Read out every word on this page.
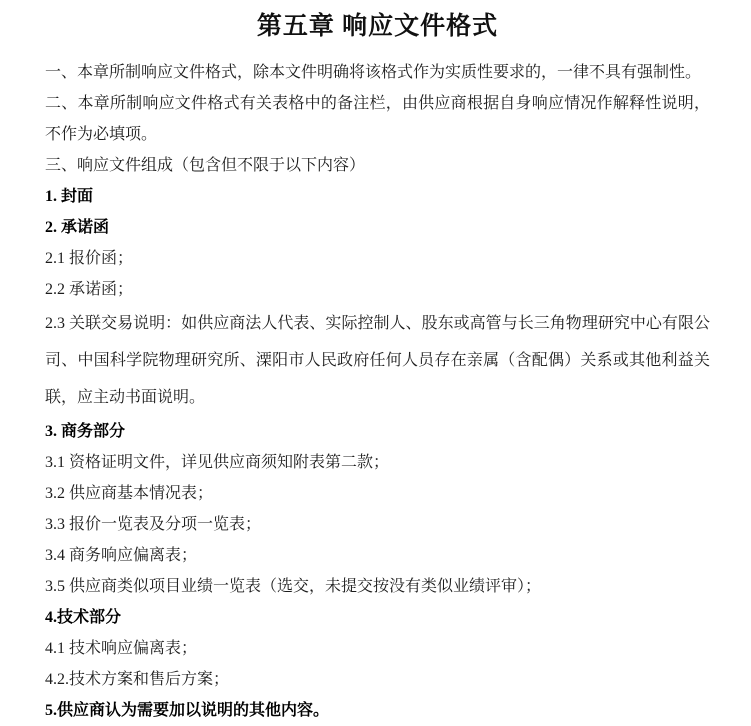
第五章 响应文件格式

一、本章所制响应文件格式，除本文件明确将该格式作为实质性要求的，一律不具有强制性。

二、本章所制响应文件格式有关表格中的备注栏，由供应商根据自身响应情况作解释性说明，不作为必填项。

三、响应文件组成（包含但不限于以下内容）

1. 封面

2. 承诺函

2.1 报价函；

2.2 承诺函；

2.3 关联交易说明：如供应商法人代表、实际控制人、股东或高管与长三角物理研究中心有限公司、中国科学院物理研究所、溧阳市人民政府任何人员存在亲属（含配偶）关系或其他利益关联，应主动书面说明。

3. 商务部分

3.1 资格证明文件，详见供应商须知附表第二款；

3.2 供应商基本情况表；

3.3 报价一览表及分项一览表；

3.4 商务响应偏离表；

3.5 供应商类似项目业绩一览表（选交，未提交按没有类似业绩评审）；

4.技术部分

4.1 技术响应偏离表；

4.2.技术方案和售后方案；

5.供应商认为需要加以说明的其他内容。
